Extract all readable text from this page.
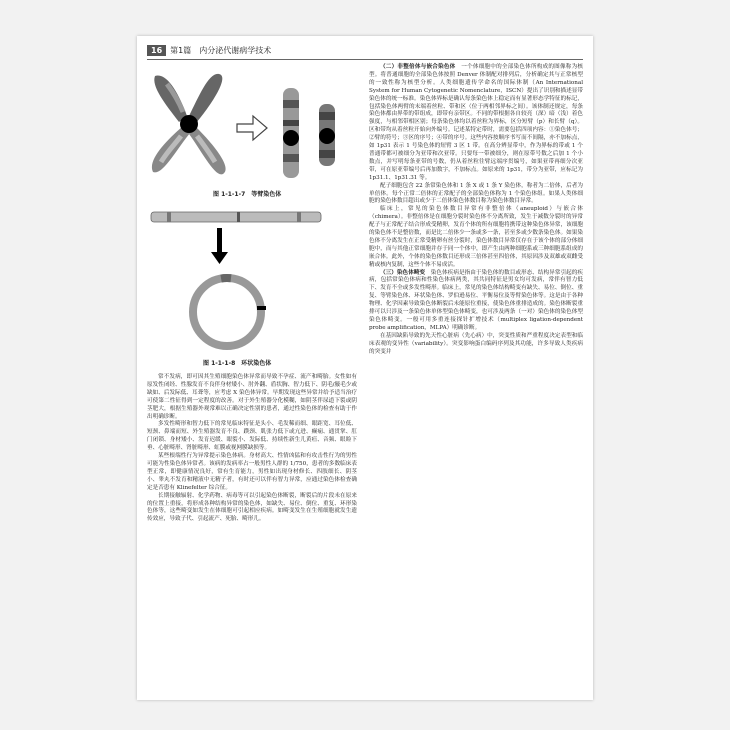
16	第1篇　内分泌代谢病学技术
图 1-1-1-7　等臂染色体
图 1-1-1-8　环状染色体

常不发病，即可因其生殖细胞染色体异常而导致不孕症、流产和畸胎。女性如有原发性闭经、性腺发育不良伴身材矮小、肘外翻、盾状胸、智力低下、阴毛/腋毛少或缺如、后发际低、耳聋等，应考虑 X 染色体异常。早期发现这些异常并给予适当治疗可使第二性征得到一定程度的改善。对于外生殖器分化模糊，如阴茎伴尿道下裂或阴茎肥大，根据生殖器外观常难以正确决定性别的患者，通过性染色体的检查有助于作出明确诊断。

多发性畸形和智力低下的常见临床特征是头小、毛发稀而细、眼距宽、耳位低、短颈、鼻端而短、外生殖器发育不良、蹼颈、肌张力低下或亢进、癫痫、通贯掌、肛门闭锁、身材矮小、发育迟缓、眼裂小、发际低、持续性新生儿黄疸、音频、眼睑下垂、心脏畸形、肾脏畸形、虹膜或视网膜缺损等。

某些根端性行为异常提示染色体病。身材高大、性情凶猛和有攻击性行为的男性可能为性染色体异常者。该病的发病率占一般男性人群的 1/750，患者的多数临床表型正常，即健康情况良好，常有生育能力，男性如出现身材修长、四肢细长、阴茎小、睾丸不发育和精液中无精子者，有时还可以伴有智力异常，应通过染色体检查确定是否患有 Klinefelter 综合征。

长期接触辐射、化学药物、病毒等可以引起染色体断裂，断裂后的片段未在原来的位置上重接，将形成各种结构异常的染色体，如缺失、易位、倒位、重复、环形染色体等，这些畸变如发生在体细胞可引起相应疾病。如畸变发生在生殖细胞就发生遗传效应，导致子代、引起流产、死胎、畸形儿。

（二）非整倍体与嵌合染色体　 一个体细胞中的全部染色体所构成的图像称为核型。将普通细胞的全部染色体按照 Denver 体制配对排列后，分析确定其与正常核型的一致性称为核型分析。人类细胞遗传学命名的国际体制（An International System for Human Cytogenetic Nomenclature，ISCN）提出了识别和描述显带染色体的统一标准。染色体界标是确认每条染色体上稳定而有显著形态学特征的标记，包括染色体两臂的末端着丝粒、带和区（位于两相邻界标之间）。该体制还规定，每条染色体都由界带的带组成，即带有亲带区。不同的带根据各自较亮（深）暗（浅）着色强度，与相邻带相区别；每条染色体均以着丝粒为界标，区分短臂（p）和长臂（q）。区和带均从着丝粒开始向外编号。记述某特定带时，需要包括四项内容：①染色体号；②臂的符号；③区的序号；④带的序号。这些内容按顺序书写而不间隔，亦不加标点，如 1p31 表示 1 号染色体的短臂 3 区 1 带。在高分辨显带中，作为界标的带或 1 个普通带都可被细分为亚带和次亚带。只要每一带被细分，则在原带号数之后加 1 个小数点，并写明每条亚带的号数，仍从着丝粒往臂远端序贯编号，如果亚带再细分次亚带，可在原亚带编号后再加数字，不加标点。如原来的 1p31，带分为亚带，应标记为 1p31.1、1p31.31 等。

配子细胞包含 22 条常染色体和 1 条 X 或 1 条 Y 染色体，称者为二倍体，后者为单倍体。每个正常二倍体的正常配子的全部染色体称为 1 个染色体组。如果人类体细胞的染色体数目超出或少于二倍体染色体数目称为染色体数目异常。

临床上，常见的染色体数目异常有非整倍体（aneuploid）与嵌合体（chimera）。非整倍体是在细胞分裂时染色体不分离所致，发生于减数分裂时的异常配子与正常配子结合形成受精卵，发育个体的所有细胞将携带这种染色体异常，该细胞的染色体不是整倍数，而是比二倍体少一条或多一条，甚至多或少数条染色体。如果染色体不分离发生在正常受精卵有丝分裂时，染色体数目异常仅存在于该个体的部分体细胞中，而与其他正常细胞并存于同一个体中，即产生由两种细胞系或三种细胞系组成的嵌合体。此外，个体的染色体数目还形成三倍体甚至四倍体，其原因涉及双雄或双雌受精或核内复制，这些个体不易成活。

（三）染色体畸变　 染色体疾病是指由于染色体的数目或形态、结构异常引起的疾病，包括常染色体病和性染色体病两类，其共同特征是男女均可发病，常伴有智力低下、发育不全或多发性畸形。临床上，常见的染色体结构畸变有缺失、易位、倒位、重复、等臂染色体、环状染色体、罗伯逊易位、平衡易位及等臂染色体等。这是由于各种物理、化学因素导致染色体断裂后未能原位重接，使染色体重排造成的。染色体断裂重排可以只涉及一条染色体单体型染色体畸变，也可涉及两条（一对）染色体的染色体型染色体畸变。一般可用多重连接探针扩增技术（multiplex ligation-dependent probe amplification，MLPA）明确诊断。

在基因缺陷导致的先天性心脏病（先心病）中，突变性质和严重程度决定表型和临床表观的变异性（variability）。突变影响蛋白编码序列及其功能，许多导致人类疾病的突变并
